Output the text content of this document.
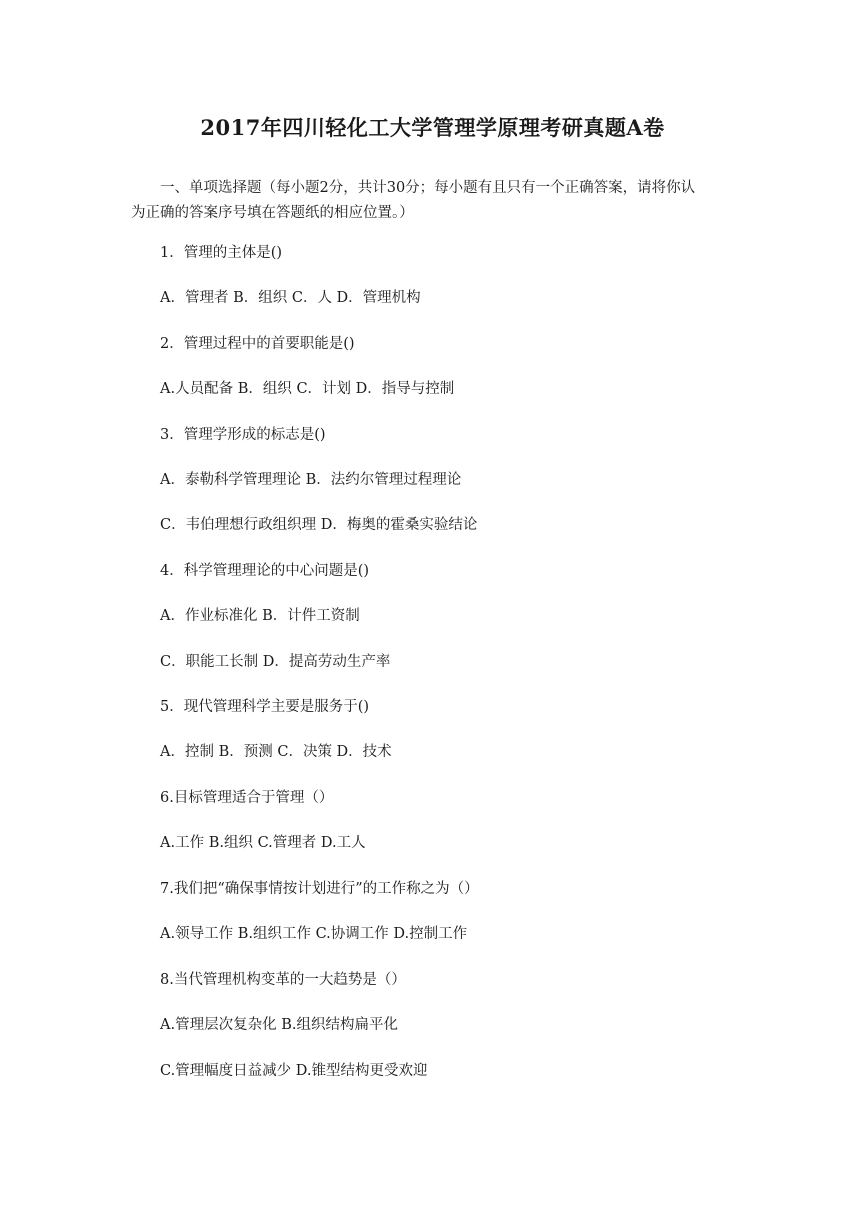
2017年四川轻化工大学管理学原理考研真题A卷

一、单项选择题（每小题2分，共计30分；每小题有且只有一个正确答案，请将你认
为正确的答案序号填在答题纸的相应位置。）

1．管理的主体是()

A．管理者 B．组织 C．人 D．管理机构

2．管理过程中的首要职能是()

A.人员配备 B．组织 C．计划 D．指导与控制

3．管理学形成的标志是()

A．泰勒科学管理理论 B．法约尔管理过程理论

C．韦伯理想行政组织理 D．梅奥的霍桑实验结论

4．科学管理理论的中心问题是()

A．作业标准化 B．计件工资制

C．职能工长制 D．提高劳动生产率

5．现代管理科学主要是服务于()

A．控制 B．预测 C．决策 D．技术

6.目标管理适合于管理（）

A.工作 B.组织 C.管理者 D.工人

7.我们把“确保事情按计划进行”的工作称之为（）

A.领导工作 B.组织工作 C.协调工作 D.控制工作

8.当代管理机构变革的一大趋势是（）

A.管理层次复杂化 B.组织结构扁平化

C.管理幅度日益减少 D.锥型结构更受欢迎
